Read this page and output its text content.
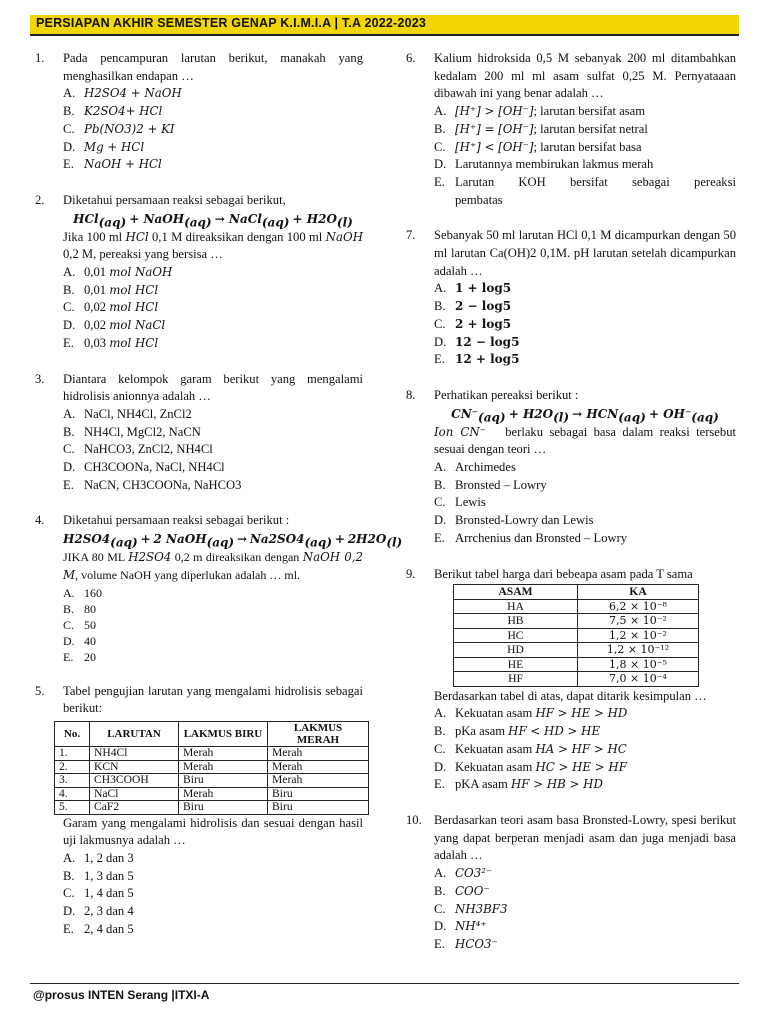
PERSIAPAN AKHIR SEMESTER GENAP K.I.M.I.A | T.A 2022-2023
1. Pada pencampuran larutan berikut, manakah yang menghasilkan endapan …
A. H2SO4 + NaOH
B. K2SO4+ HCl
C. Pb(NO3)2 + KI
D. Mg + HCl
E. NaOH + HCl
2. Diketahui persamaan reaksi sebagai berikut,
HCl$_{(aq)}$ + NaOH$_{(aq)}$ → NaCl$_{(aq)}$ + $H2O_{(l)}$
Jika 100 ml HCl 0,1 M direaksikan dengan 100 ml NaOH 0,2 M, pereaksi yang bersisa …
A. 0,01 mol NaOH
B. 0,01 mol HCl
C. 0,02 mol HCl
D. 0,02 mol NaCl
E. 0,03 mol HCl
3. Diantara kelompok garam berikut yang mengalami hidrolisis anionnya adalah …
A. NaCl, NH4Cl, ZnCl2
B. NH4Cl, MgCl2, NaCN
C. NaHCO3, ZnCl2, NH4Cl
D. CH3COONa, NaCl, NH4Cl
E. NaCN, CH3COONa, NaHCO3
4. Diketahui persamaan reaksi sebagai berikut :
$H2SO4_{(aq)} + 2$ NaOH$_{(aq)}$ → $Na2SO4_{(aq)} + 2H2O_{(l)}$
JIKA 80 ML H2SO4 0,2 m direaksikan dengan NaOH 0,2 M, volume NaOH yang diperlukan adalah … ml.
A. 160
B. 80
C. 50
D. 40
E. 20
5. Tabel pengujian larutan yang mengalami hidrolisis sebagai berikut:
No.	LARUTAN	LAKMUS BIRU	LAKMUS MERAH
1.	NH4Cl	Merah	Merah
2.	KCN	Merah	Merah
3.	CH3COOH	Biru	Merah
4.	NaCl	Merah	Biru
5.	CaF2	Biru	Biru
Garam yang mengalami hidrolisis dan sesuai dengan hasil uji lakmusnya adalah …
A. 1, 2 dan 3
B. 1, 3 dan 5
C. 1, 4 dan 5
D. 2, 3 dan 4
E. 2, 4 dan 5
6. Kalium hidroksida 0,5 M sebanyak 200 ml ditambahkan kedalam 200 ml ml asam sulfat 0,25 M. Pernyataaan dibawah ini yang benar adalah …
A. [H⁺] > [OH⁻]; larutan bersifat asam
B. [H⁺] = [OH⁻]; larutan bersifat netral
C. [H⁺] < [OH⁻]; larutan bersifat basa
D. Larutannya membirukan lakmus merah
E. Larutan KOH bersifat sebagai pereaksi pembatas
7. Sebanyak 50 ml larutan HCl 0,1 M dicampurkan dengan 50 ml larutan Ca(OH)2 0,1M. pH larutan setelah dicampurkan adalah …
A. 1 + log5
B. 2 − log5
C. 2 + log5
D. 12 − log5
E. 12 + log5
8. Perhatikan pereaksi berikut :
$CN^-_{(aq)} + H2O_{(l)} \to HCN_{(aq)} + OH^-_{(aq)}$
Ion CN⁻ berlaku sebagai basa dalam reaksi tersebut sesuai dengan teori …
A. Archimedes
B. Bronsted – Lowry
C. Lewis
D. Bronsted-Lowry dan Lewis
E. Arrchenius dan Bronsted – Lowry
9. Berikut tabel harga dari bebeapa asam pada T sama
ASAM	KA
HA	6,2 × 10⁻⁸
HB	7,5 × 10⁻²
HC	1,2 × 10⁻²
HD	1,2 × 10⁻¹²
HE	1,8 × 10⁻⁵
HF	7,0 × 10⁻⁴
Berdasarkan tabel di atas, dapat ditarik kesimpulan …
A. Kekuatan asam HF > HE > HD
B. pKa asam HF < HD > HE
C. Kekuatan asam HA > HF > HC
D. Kekuatan asam HC > HE > HF
E. pKA asam HF > HB > HD
10. Berdasarkan teori asam basa Bronsted-Lowry, spesi berikut yang dapat berperan menjadi asam dan juga menjadi basa adalah …
A. CO3²⁻
B. COO⁻
C. NH3BF3
D. NH⁴⁺
E. HCO3⁻
@prosus INTEN Serang |ITXI-A
